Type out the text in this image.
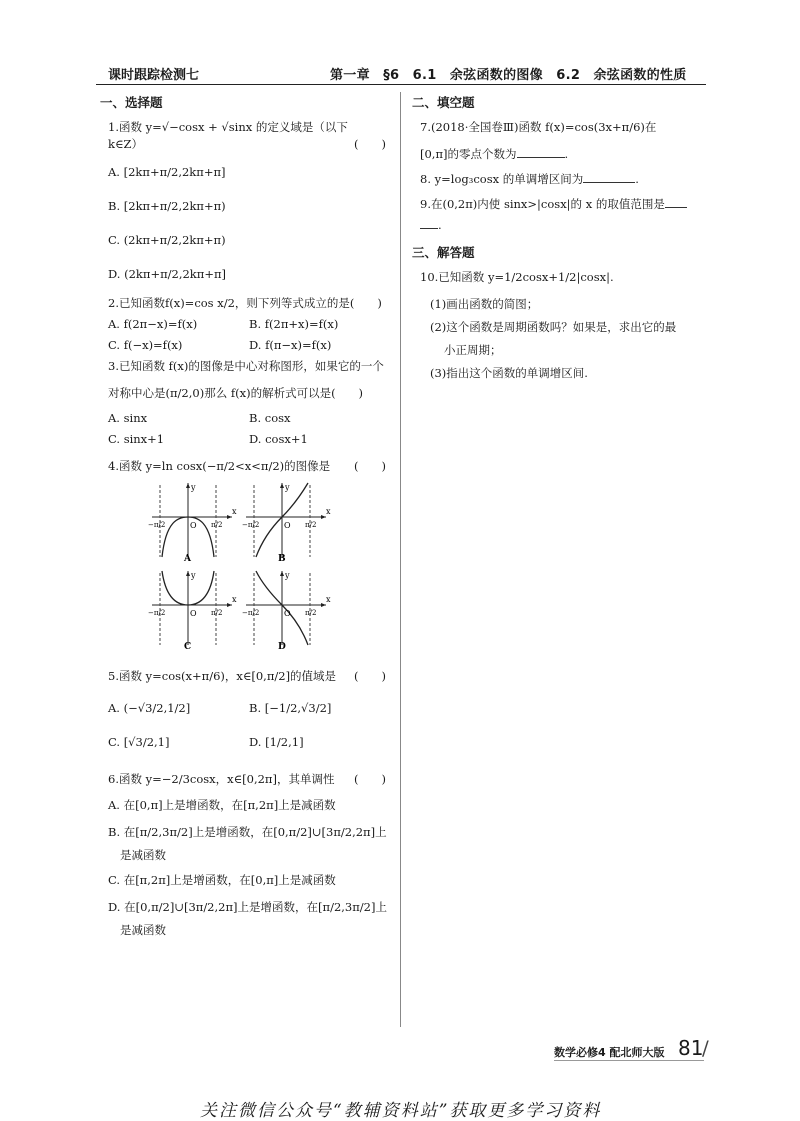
课时跟踪检测七	第一章　§6　6.1　余弦函数的图像　6.2　余弦函数的性质
一、选择题
1.函数 y=√−cosx + √sinx 的定义域是（以下
k∈Z）	(　　)
A. [2kπ+π/2,2kπ+π]
B. [2kπ+π/2,2kπ+π)
C. (2kπ+π/2,2kπ+π)
D. (2kπ+π/2,2kπ+π]
2.已知函数f(x)=cos x/2，则下列等式成立的是(　　)
A. f(2π−x)=f(x)	B. f(2π+x)=f(x)
C. f(−x)=f(x)	D. f(π−x)=f(x)
3.已知函数 f(x)的图像是中心对称图形，如果它的一个
对称中心是(π/2,0)那么 f(x)的解析式可以是(　　)
A. sinx	B. cosx
C. sinx+1	D. cosx+1
4.函数 y=ln cosx(−π/2<x<π/2)的图像是 (　　)
y
x
O
−π/2	π/2
A
y
x
O
−π/2	π/2
B
y
x
O
−π/2	π/2
C
y
x
O
−π/2	π/2
D
5.函数 y=cos(x+π/6)，x∈[0,π/2]的值域是 (　　)
A. (−√3/2,1/2]	B. [−1/2,√3/2]
C. [√3/2,1]	D. [1/2,1]
6.函数 y=−2/3cosx，x∈[0,2π]，其单调性 (　　)
A. 在[0,π]上是增函数，在[π,2π]上是减函数
B. 在[π/2,3π/2]上是增函数，在[0,π/2]∪[3π/2,2π]上
是减函数
C. 在[π,2π]上是增函数，在[0,π]上是减函数
D. 在[0,π/2]∪[3π/2,2π]上是增函数，在[π/2,3π/2]上
是减函数
二、填空题
7.(2018·全国卷Ⅲ)函数 f(x)=cos(3x+π/6)在
[0,π]的零点个数为	.
8. y=log₃cosx 的单调增区间为	.
9.在(0,2π)内使 sinx>|cosx|的 x 的取值范围是
.
三、解答题
10.已知函数 y=1/2cosx+1/2|cosx|.
(1)画出函数的简图；
(2)这个函数是周期函数吗？如果是，求出它的最
小正周期；
(3)指出这个函数的单调增区间.
数学必修4 配北师大版 81
/
关注微信公众号“教辅资料站”获取更多学习资料
